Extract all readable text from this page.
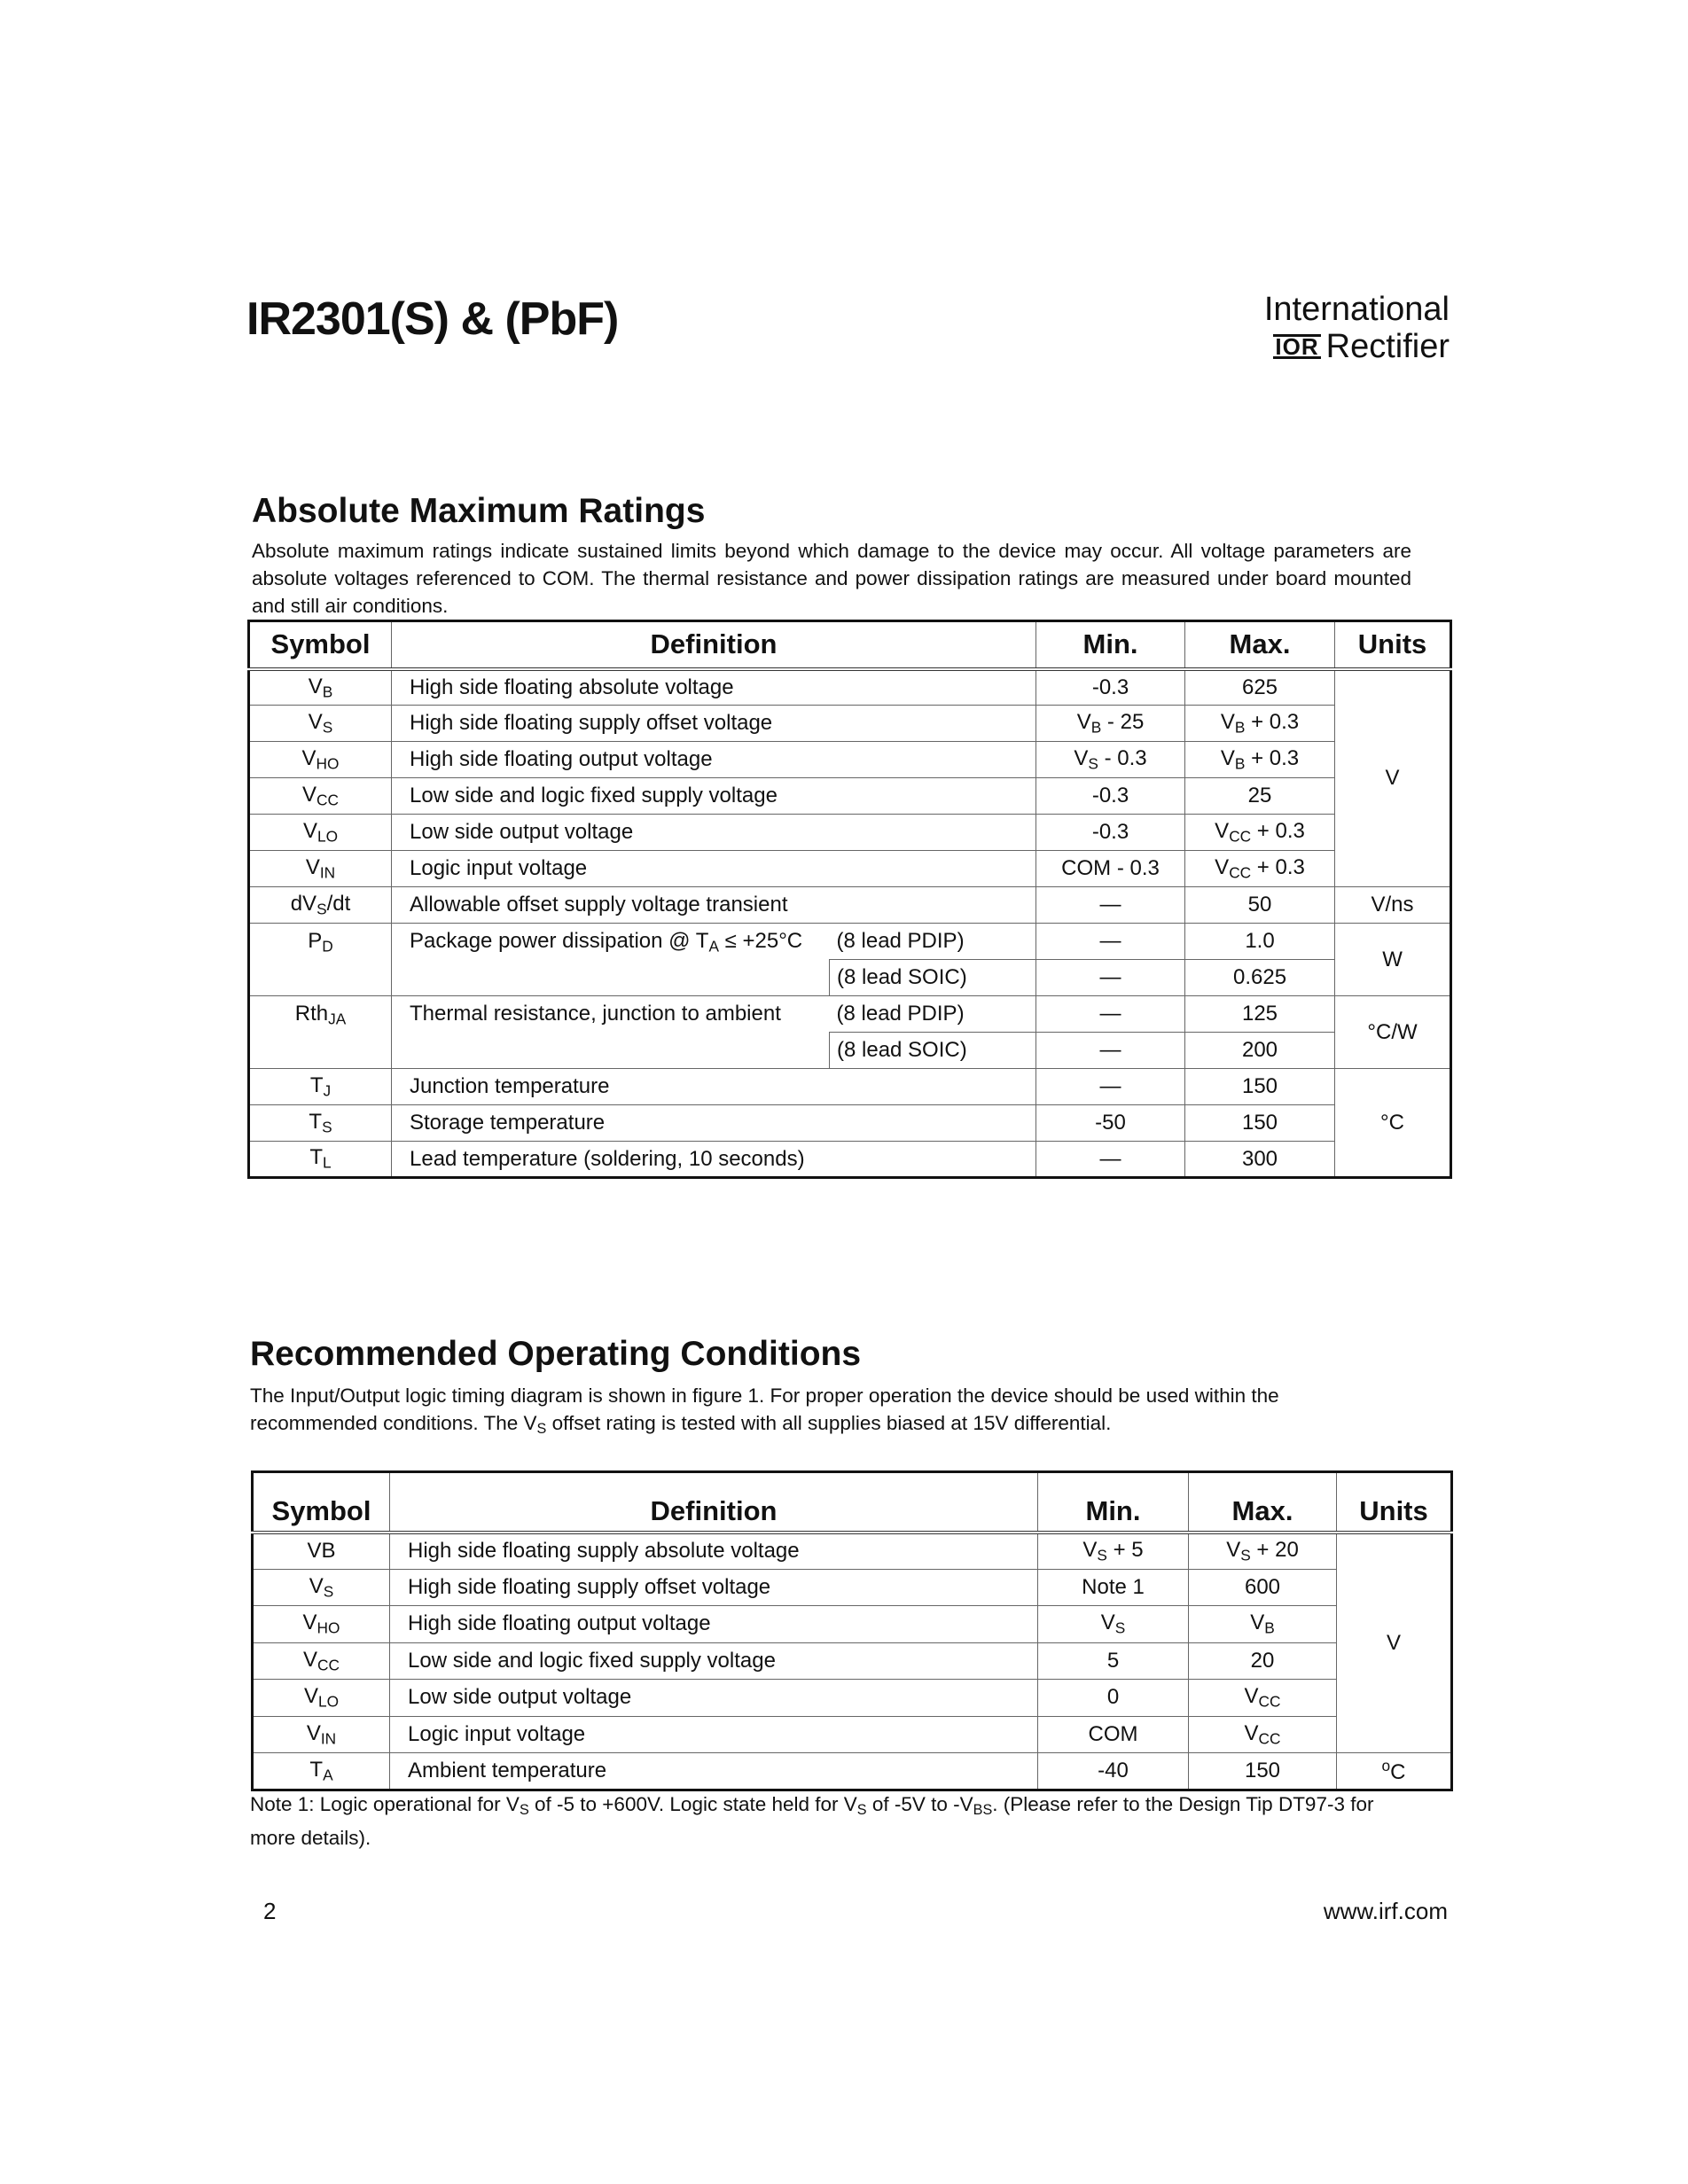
IR2301(S) & (PbF)	International
IOR Rectifier
Absolute Maximum Ratings
Absolute maximum ratings indicate sustained limits beyond which damage to the device may occur. All voltage parameters are absolute voltages referenced to COM. The thermal resistance and power dissipation ratings are measured under board mounted and still air conditions.
Symbol	Definition		Min.	Max.	Units
$V_B$	High side floating absolute voltage		-0.3	625	V
$V_S$	High side floating supply offset voltage		$V_B - 25$	$V_B + 0.3$	
$V_{HO}$	High side floating output voltage		$V_S - 0.3$	$V_B + 0.3$	
$V_{CC}$	Low side and logic fixed supply voltage		-0.3	25	
$V_{LO}$	Low side output voltage		-0.3	$V_{CC} + 0.3$	
$V_{IN}$	Logic input voltage		COM - 0.3	$V_{CC} + 0.3$	
$dV_S/dt$	Allowable offset supply voltage transient		—	50	V/ns
$P_D$	Package power dissipation @ $T_A \le +25^\circ C$	(8 lead PDIP)	—	1.0	W
		(8 lead SOIC)	—	0.625	
Rth$_{JA}$	Thermal resistance, junction to ambient	(8 lead PDIP)	—	125	°C/W
		(8 lead SOIC)	—	200	
$T_J$	Junction temperature		—	150	°C
$T_S$	Storage temperature		-50	150	
$T_L$	Lead temperature (soldering, 10 seconds)		—	300	
Recommended Operating Conditions
The Input/Output logic timing diagram is shown in figure 1. For proper operation the device should be used within the recommended conditions. The $V_S$ offset rating is tested with all supplies biased at 15V differential.
Symbol	Definition	Min.	Max.	Units
VB	High side floating supply absolute voltage	$V_S + 5$	$V_S + 20$	V
$V_S$	High side floating supply offset voltage	Note 1	600	
$V_{HO}$	High side floating output voltage	$V_S$	$V_B$
$V_{CC}$	Low side and logic fixed supply voltage	5	20	
$V_{LO}$	Low side output voltage	0	$V_{CC}$
$V_{IN}$	Logic input voltage	COM	$V_{CC}$
$T_A$	Ambient temperature	-40	150	$^o$C
Note 1: Logic operational for $V_S$ of -5 to +600V. Logic state held for $V_S$ of -5V to $-V_{BS}$. (Please refer to the Design Tip DT97-3 for more details).
2	www.irf.com
